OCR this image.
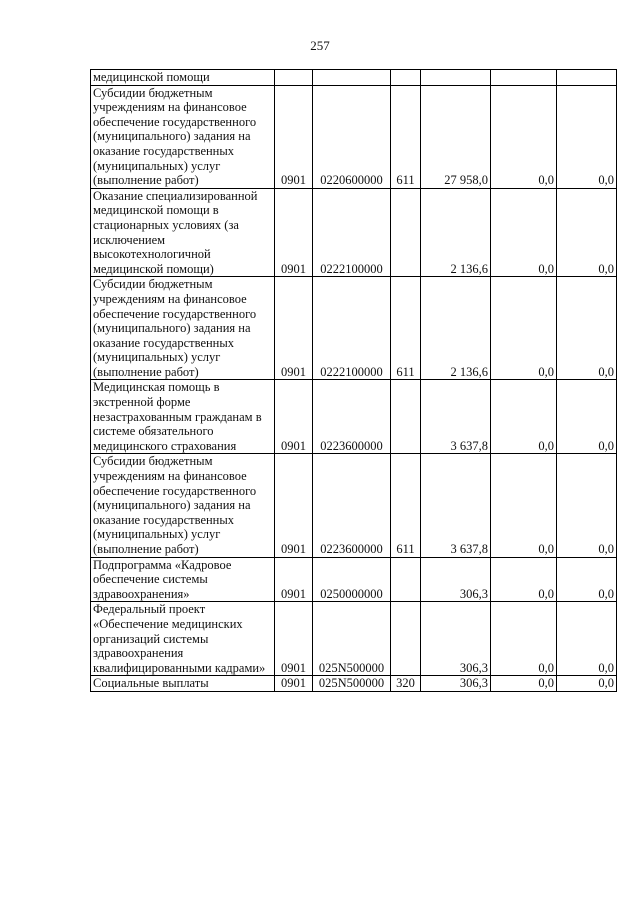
257
медицинской помощи						
Субсидии бюджетным учреждениям на финансовое обеспечение государственного (муниципального) задания на оказание государственных (муниципальных) услуг (выполнение работ)	0901	0220600000	611	27 958,0	0,0	0,0
Оказание специализированной медицинской помощи в стационарных условиях (за исключением высокотехнологичной медицинской помощи)	0901	0222100000		2 136,6	0,0	0,0
Субсидии бюджетным учреждениям на финансовое обеспечение государственного (муниципального) задания на оказание государственных (муниципальных) услуг (выполнение работ)	0901	0222100000	611	2 136,6	0,0	0,0
Медицинская помощь в экстренной форме незастрахованным гражданам в системе обязательного медицинского страхования	0901	0223600000		3 637,8	0,0	0,0
Субсидии бюджетным учреждениям на финансовое обеспечение государственного (муниципального) задания на оказание государственных (муниципальных) услуг (выполнение работ)	0901	0223600000	611	3 637,8	0,0	0,0
Подпрограмма «Кадровое обеспечение системы здравоохранения»	0901	0250000000		306,3	0,0	0,0
Федеральный проект «Обеспечение медицинских организаций системы здравоохранения квалифицированными кадрами»	0901	025N500000		306,3	0,0	0,0
Социальные выплаты	0901	025N500000	320	306,3	0,0	0,0
